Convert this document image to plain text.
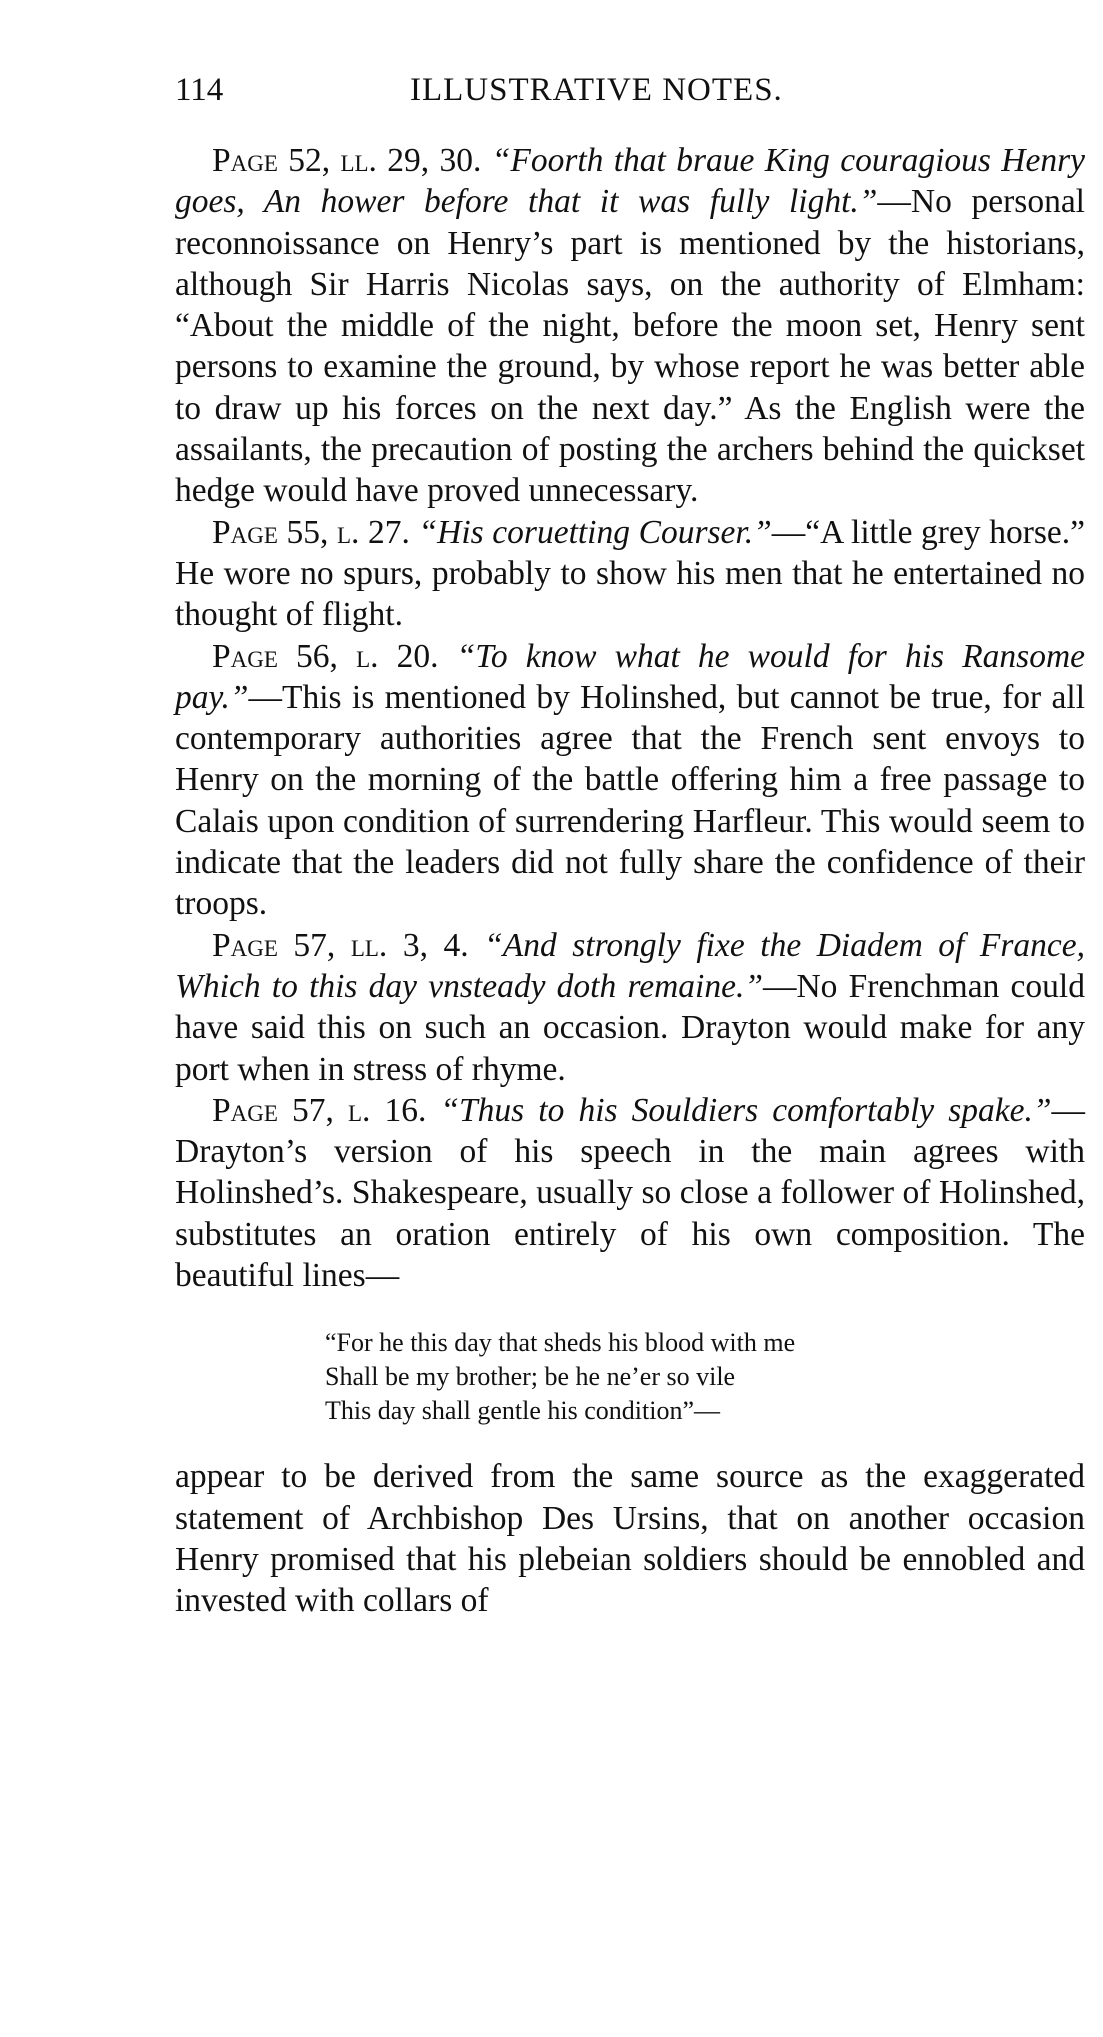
114	ILLUSTRATIVE NOTES.

Page 52, ll. 29, 30. “Foorth that braue King couragious Henry goes, An hower before that it was fully light.”—No personal reconnoissance on Henry’s part is mentioned by the historians, although Sir Harris Nicolas says, on the authority of Elmham: “About the middle of the night, before the moon set, Henry sent persons to examine the ground, by whose report he was better able to draw up his forces on the next day.” As the English were the assailants, the precaution of posting the archers behind the quickset hedge would have proved unnecessary.

Page 55, l. 27. “His coruetting Courser.”—“A little grey horse.” He wore no spurs, probably to show his men that he entertained no thought of flight.

Page 56, l. 20. “To know what he would for his Ransome pay.”—This is mentioned by Holinshed, but cannot be true, for all contemporary authorities agree that the French sent envoys to Henry on the morning of the battle offering him a free passage to Calais upon condition of surrendering Harfleur. This would seem to indicate that the leaders did not fully share the confidence of their troops.

Page 57, ll. 3, 4. “And strongly fixe the Diadem of France, Which to this day vnsteady doth remaine.”—No Frenchman could have said this on such an occasion. Drayton would make for any port when in stress of rhyme.

Page 57, l. 16. “Thus to his Souldiers comfortably spake.”—Drayton’s version of his speech in the main agrees with Holinshed’s. Shakespeare, usually so close a follower of Holinshed, substitutes an oration entirely of his own composition. The beautiful lines—

“For he this day that sheds his blood with me
Shall be my brother; be he ne’er so vile
This day shall gentle his condition”—

appear to be derived from the same source as the exaggerated statement of Archbishop Des Ursins, that on another occasion Henry promised that his plebeian soldiers should be ennobled and invested with collars of
